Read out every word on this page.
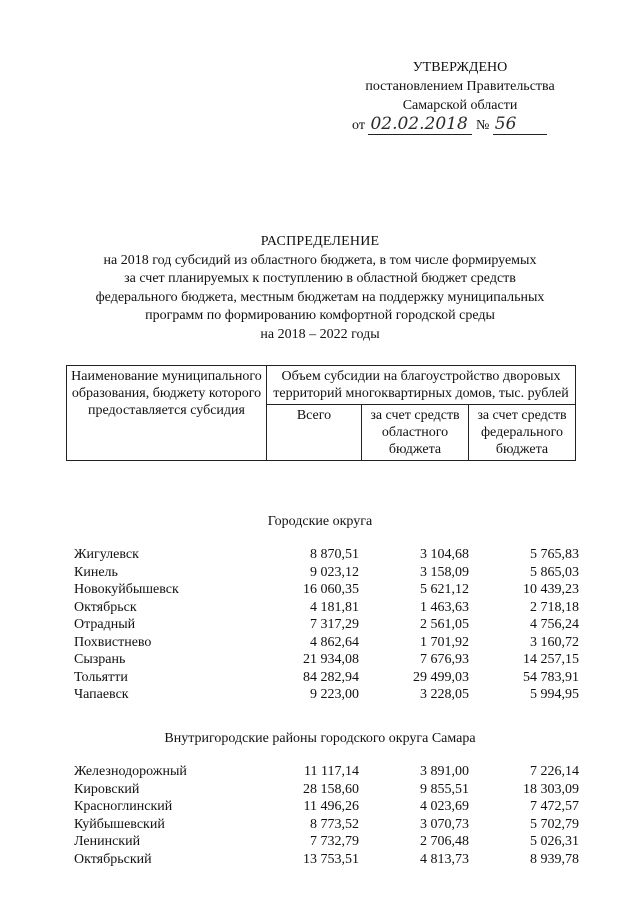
УТВЕРЖДЕНО
постановлением Правительства
Самарской области
от 02.02.2018 № 56
РАСПРЕДЕЛЕНИЕ
на 2018 год субсидий из областного бюджета, в том числе формируемых
за счет планируемых к поступлению в областной бюджет средств
федерального бюджета, местным бюджетам на поддержку муниципальных
программ по формированию комфортной городской среды
на 2018 – 2022 годы
Наименование муниципального образования, бюджету которого предоставляется субсидия	Объем субсидии на благоустройство дворовых территорий многоквартирных домов, тыс. рублей		
	Всего	за счет средств областного бюджета	за счет средств федерального бюджета
Городские округа
Жигулевск	8 870,51	3 104,68	5 765,83
Кинель	9 023,12	3 158,09	5 865,03
Новокуйбышевск	16 060,35	5 621,12	10 439,23
Октябрьск	4 181,81	1 463,63	2 718,18
Отрадный	7 317,29	2 561,05	4 756,24
Похвистнево	4 862,64	1 701,92	3 160,72
Сызрань	21 934,08	7 676,93	14 257,15
Тольятти	84 282,94	29 499,03	54 783,91
Чапаевск	9 223,00	3 228,05	5 994,95
Внутригородские районы городского округа Самара
Железнодорожный	11 117,14	3 891,00	7 226,14
Кировский	28 158,60	9 855,51	18 303,09
Красноглинский	11 496,26	4 023,69	7 472,57
Куйбышевский	8 773,52	3 070,73	5 702,79
Ленинский	7 732,79	2 706,48	5 026,31
Октябрьский	13 753,51	4 813,73	8 939,78
